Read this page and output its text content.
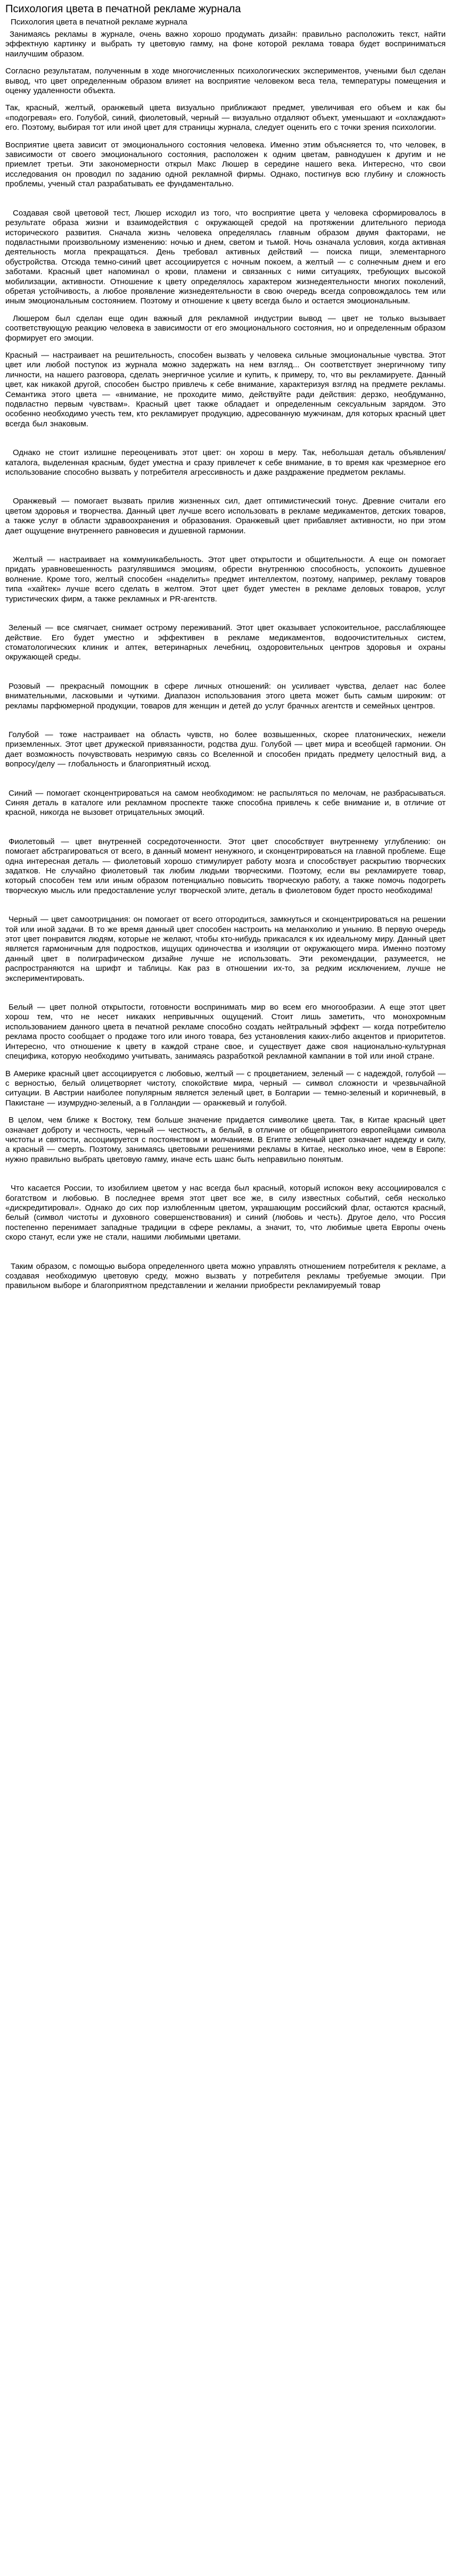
Психология цвета в печатной рекламе журнала
Психология цвета в печатной рекламе журнала

Занимаясь рекламы в журнале, очень важно хорошо продумать дизайн: правильно расположить текст, найти эффектную картинку и выбрать ту цветовую гамму, на фоне которой реклама товара будет восприниматься наилучшим образом.

Согласно результатам, полученным в ходе многочисленных психологических экспериментов, учеными был сделан вывод, что цвет определенным образом влияет на восприятие человеком веса тела, температуры помещения и оценку удаленности объекта.

Так, красный, желтый, оранжевый цвета визуально приближают предмет, увеличивая его объем и как бы «подогревая» его. Голубой, синий, фиолетовый, черный — визуально отдаляют объект, уменьшают и «охлаждают» его. Поэтому, выбирая тот или иной цвет для страницы журнала, следует оценить его с точки зрения психологии.

Восприятие цвета зависит от эмоционального состояния человека. Именно этим объясняется то, что человек, в зависимости от своего эмоционального состояния, расположен к одним цветам, равнодушен к другим и не приемлет третьи. Эти закономерности открыл Макс Люшер в середине нашего века. Интересно, что свои исследования он проводил по заданию одной рекламной фирмы. Однако, постигнув всю глубину и сложность проблемы, ученый стал разрабатывать ее фундаментально.

Создавая свой цветовой тест, Люшер исходил из того, что восприятие цвета у человека сформировалось в результате образа жизни и взаимодействия с окружающей средой на протяжении длительного периода исторического развития. Сначала жизнь человека определялась главным образом двумя факторами, не подвластными произвольному изменению: ночью и днем, светом и тьмой. Ночь означала условия, когда активная деятельность могла прекращаться. День требовал активных действий — поиска пищи, элементарного обустройства. Отсюда темно-синий цвет ассоциируется с ночным покоем, а желтый — с солнечным днем и его заботами. Красный цвет напоминал о крови, пламени и связанных с ними ситуациях, требующих высокой мобилизации, активности. Отношение к цвету определялось характером жизнедеятельности многих поколений, обретая устойчивость, а любое проявление жизнедеятельности в свою очередь всегда сопровождалось тем или иным эмоциональным состоянием. Поэтому и отношение к цвету всегда было и остается эмоциональным.

Люшером был сделан еще один важный для рекламной индустрии вывод — цвет не только вызывает соответствующую реакцию человека в зависимости от его эмоционального состояния, но и определенным образом формирует его эмоции.

Красный — настраивает на решительность, способен вызвать у человека сильные эмоциональные чувства. Этот цвет или любой поступок из журнала можно задержать на нем взгляд... Он соответствует энергичному типу личности, на нашего разговора, сделать энергичное усилие и купить, к примеру, то, что вы рекламируете. Данный цвет, как никакой другой, способен быстро привлечь к себе внимание, характеризуя взгляд на предмете рекламы. Семантика этого цвета — «внимание, не проходите мимо, действуйте ради действия: дерзко, необдуманно, подвластно первым чувствам». Красный цвет также обладает и определенным сексуальным зарядом. Это особенно необходимо учесть тем, кто рекламирует продукцию, адресованную мужчинам, для которых красный цвет всегда был знаковым.

Однако не стоит излишне переоценивать этот цвет: он хорош в меру. Так, небольшая деталь объявления/каталога, выделенная красным, будет уместна и сразу привлечет к себе внимание, в то время как чрезмерное его использование способно вызвать у потребителя агрессивность и даже раздражение предметом рекламы.

Оранжевый — помогает вызвать прилив жизненных сил, дает оптимистический тонус. Древние считали его цветом здоровья и творчества. Данный цвет лучше всего использовать в рекламе медикаментов, детских товаров, а также услуг в области здравоохранения и образования. Оранжевый цвет прибавляет активности, но при этом дает ощущение внутреннего равновесия и душевной гармонии.

Желтый — настраивает на коммуникабельность. Этот цвет открытости и общительности. А еще он помогает придать уравновешенность разгулявшимся эмоциям, обрести внутреннюю способность, успокоить душевное волнение. Кроме того, желтый способен «наделить» предмет интеллектом, поэтому, например, рекламу товаров типа «хайтек» лучше всего сделать в желтом. Этот цвет будет уместен в рекламе деловых товаров, услуг туристических фирм, а также рекламных и PR-агентств.

Зеленый — все смягчает, снимает острому переживаний. Этот цвет оказывает успокоительное, расслабляющее действие. Его будет уместно и эффективен в рекламе медикаментов, водоочистительных систем, стоматологических клиник и аптек, ветеринарных лечебниц, оздоровительных центров здоровья и охраны окружающей среды.

Розовый — прекрасный помощник в сфере личных отношений: он усиливает чувства, делает нас более внимательными, ласковыми и чуткими. Диапазон использования этого цвета может быть самым широким: от рекламы парфюмерной продукции, товаров для женщин и детей до услуг брачных агентств и семейных центров.

Голубой — тоже настраивает на область чувств, но более возвышенных, скорее платонических, нежели приземленных. Этот цвет дружеской привязанности, родства душ. Голубой — цвет мира и всеобщей гармонии. Он дает возможность почувствовать незримую связь со Вселенной и способен придать предмету целостный вид, а вопросу/делу — глобальность и благоприятный исход.

Синий — помогает сконцентрироваться на самом необходимом: не распыляться по мелочам, не разбрасываться. Синяя деталь в каталоге или рекламном проспекте также способна привлечь к себе внимание и, в отличие от красной, никогда не вызовет отрицательных эмоций.

Фиолетовый — цвет внутренней сосредоточенности. Этот цвет способствует внутреннему углублению: он помогает абстрагироваться от всего, в данный момент ненужного, и сконцентрироваться на главной проблеме. Еще одна интересная деталь — фиолетовый хорошо стимулирует работу мозга и способствует раскрытию творческих задатков. Не случайно фиолетовый так любим людьми творческими. Поэтому, если вы рекламируете товар, который способен тем или иным образом потенциально повысить творческую работу, а также помочь подогреть творческую мысль или предоставление услуг творческой элите, деталь в фиолетовом будет просто необходима!

Черный — цвет самоотрицания: он помогает от всего отгородиться, замкнуться и сконцентрироваться на решении той или иной задачи. В то же время данный цвет способен настроить на меланхолию и унынию. В первую очередь этот цвет понравится людям, которые не желают, чтобы кто-нибудь прикасался к их идеальному миру. Данный цвет является гармоничным для подростков, ищущих одиночества и изоляции от окружающего мира. Именно поэтому данный цвет в полиграфическом дизайне лучше не использовать. Эти рекомендации, разумеется, не распространяются на шрифт и таблицы. Как раз в отношении их-то, за редким исключением, лучше не экспериментировать.

Белый — цвет полной открытости, готовности воспринимать мир во всем его многообразии. А еще этот цвет хорош тем, что не несет никаких непривычных ощущений. Стоит лишь заметить, что монохромным использованием данного цвета в печатной рекламе способно создать нейтральный эффект — когда потребителю реклама просто сообщает о продаже того или иного товара, без установления каких-либо акцентов и приоритетов. Интересно, что отношение к цвету в каждой стране свое, и существует даже своя национально-культурная специфика, которую необходимо учитывать, занимаясь разработкой рекламной кампании в той или иной стране.

В Америке красный цвет ассоциируется с любовью, желтый — с процветанием, зеленый — с надеждой, голубой — с верностью, белый олицетворяет чистоту, спокойствие мира, черный — символ сложности и чрезвычайной ситуации. В Австрии наиболее популярным является зеленый цвет, в Болгарии — темно-зеленый и коричневый, в Пакистане — изумрудно-зеленый, а в Голландии — оранжевый и голубой.

В целом, чем ближе к Востоку, тем больше значение придается символике цвета. Так, в Китае красный цвет означает доброту и честность, черный — честность, а белый, в отличие от общепринятого европейцами символа чистоты и святости, ассоциируется с постоянством и молчанием. В Египте зеленый цвет означает надежду и силу, а красный — смерть. Поэтому, занимаясь цветовыми решениями рекламы в Китае, несколько иное, чем в Европе: нужно правильно выбрать цветовую гамму, иначе есть шанс быть неправильно понятым.

Что касается России, то изобилием цветом у нас всегда был красный, который испокон веку ассоциировался с богатством и любовью. В последнее время этот цвет все же, в силу известных событий, себя несколько «дискредитировал». Однако до сих пор излюбленным цветом, украшающим российский флаг, остаются красный, белый (символ чистоты и духовного совершенствования) и синий (любовь и честь). Другое дело, что Россия постепенно перенимает западные традиции в сфере рекламы, а значит, то, что любимые цвета Европы очень скоро станут, если уже не стали, нашими любимыми цветами.

Таким образом, с помощью выбора определенного цвета можно управлять отношением потребителя к рекламе, а создавая необходимую цветовую среду, можно вызвать у потребителя рекламы требуемые эмоции. При правильном выборе и благоприятном представлении и желании приобрести рекламируемый товар
